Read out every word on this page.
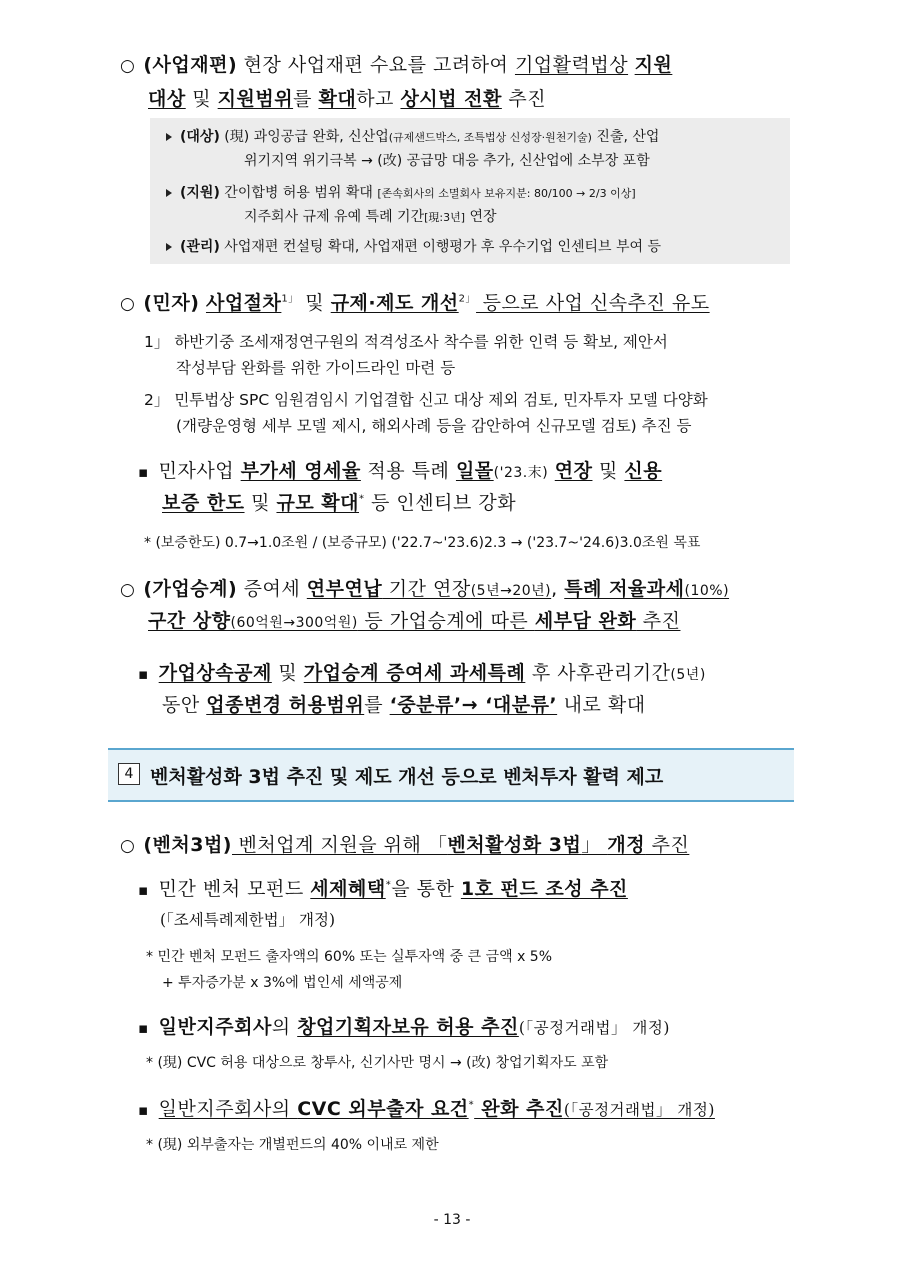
○ (사업재편) 현장 사업재편 수요를 고려하여 기업활력법상 지원
대상 및 지원범위를 확대하고 상시법 전환 추진
(대상) (現) 과잉공급 완화, 신산업(규제샌드박스, 조특법상 신성장·원천기술) 진출, 산업
위기지역 위기극복 → (改) 공급망 대응 추가, 신산업에 소부장 포함
(지원) 간이합병 허용 범위 확대 [존속회사의 소멸회사 보유지분: 80/100 → 2/3 이상]
지주회사 규제 유예 특례 기간[現:3년] 연장
(관리) 사업재편 컨설팅 확대, 사업재편 이행평가 후 우수기업 인센티브 부여 등
○ (민자) 사업절차$^{1」}$ 및 규제·제도 개선$^{2」}$ 등으로 사업 신속추진 유도
1」 하반기중 조세재정연구원의 적격성조사 착수를 위한 인력 등 확보, 제안서
작성부담 완화를 위한 가이드라인 마련 등
2」 민투법상 SPC 임원겸임시 기업결합 신고 대상 제외 검토, 민자투자 모델 다양화
(개량운영형 세부 모델 제시, 해외사례 등을 감안하여 신규모델 검토) 추진 등
▪ 민자사업 부가세 영세율 적용 특례 일몰('23.末) 연장 및 신용
보증 한도 및 규모 확대* 등 인센티브 강화
* (보증한도) 0.7→1.0조원 / (보증규모) ('22.7~'23.6)2.3 → ('23.7~'24.6)3.0조원 목표
○ (가업승계) 증여세 연부연납 기간 연장(5년→20년), 특례 저율과세(10%)
구간 상향(60억원→300억원) 등 가업승계에 따른 세부담 완화 추진
▪ 가업상속공제 및 가업승계 증여세 과세특례 후 사후관리기간(5년)
동안 업종변경 허용범위를 ‘중분류’→ ‘대분류’ 내로 확대
4 벤처활성화 3법 추진 및 제도 개선 등으로 벤처투자 활력 제고
○ (벤처3법) 벤처업계 지원을 위해 「벤처활성화 3법」 개정 추진
▪ 민간 벤처 모펀드 세제혜택*을 통한 1호 펀드 조성 추진
(「조세특례제한법」 개정)
* 민간 벤처 모펀드 출자액의 60% 또는 실투자액 중 큰 금액 x 5%
+ 투자증가분 x 3%에 법인세 세액공제
▪ 일반지주회사의 창업기획자보유 허용 추진(「공정거래법」 개정)
* (現) CVC 허용 대상으로 창투사, 신기사만 명시 → (改) 창업기획자도 포함
▪ 일반지주회사의 CVC 외부출자 요건* 완화 추진(「공정거래법」 개정)
* (現) 외부출자는 개별펀드의 40% 이내로 제한
- 13 -
